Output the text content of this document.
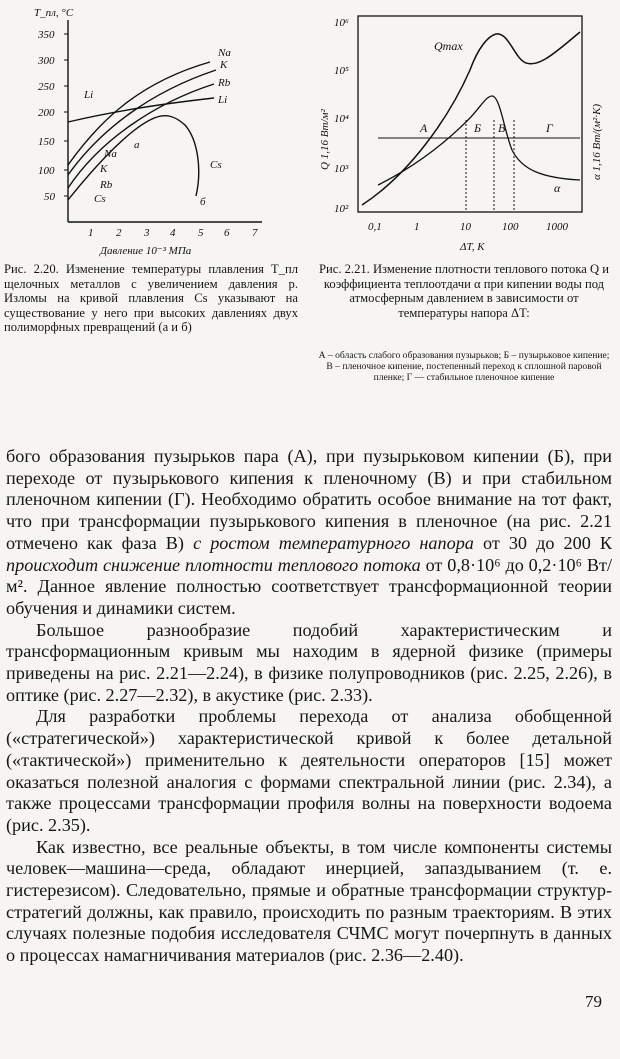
T_пл, °C
350
300
250
200
150
100
50
1 2 3 4 5 6 7
Давление 10⁻³ МПа
Na
K
Rb
Li
Li
Na
K
Rb
Cs
a
Cs
б

Рис. 2.20. Изменение температуры плавления T_пл щелочных металлов с увеличением давления p. Изломы на кривой плавления Cs указывают на существование у него при высоких давлениях двух полиморфных превращений (а и б)

10²
10³
10⁴
10⁵
10⁶
0,1	1	10	100	1000
ΔT, К
Q 1,16 Вт/м²	α 1,16 Вт/(м²·К)
А	Б В	Г
Qmax
α

Рис. 2.21. Изменение плотности теплового потока Q и коэффициента теплоотдачи α при кипении воды под атмосферным давлением в зависимости от температуры напора ΔT:

А – область слабого образования пузырьков; Б – пузырьковое кипение; В – пленочное кипение, постепенный переход к сплошной паровой пленке; Г — стабильное пленочное кипение

бого образования пузырьков пара (А), при пузырьковом кипении (Б), при переходе от пузырькового кипения к пленочному (В) и при стабильном пленочном кипении (Г). Необходимо обратить особое внимание на тот факт, что при трансформации пузырькового кипения в пленочное (на рис. 2.21 отмечено как фаза В) с ростом температурного напора от 30 до 200 К происходит снижение плотности теплового потока от 0,8·10⁶ до 0,2·10⁶ Вт/м². Данное явление полностью соответствует трансформационной теории обучения и динамики систем.

Большое разнообразие подобий характеристическим и трансформационным кривым мы находим в ядерной физике (примеры приведены на рис. 2.21—2.24), в физике полупроводников (рис. 2.25, 2.26), в оптике (рис. 2.27—2.32), в акустике (рис. 2.33).

Для разработки проблемы перехода от анализа обобщенной («стратегической») характеристической кривой к более детальной («тактической») применительно к деятельности операторов [15] может оказаться полезной аналогия с формами спектральной линии (рис. 2.34), а также процессами трансформации профиля волны на поверхности водоема (рис. 2.35).

Как известно, все реальные объекты, в том числе компоненты системы человек—машина—среда, обладают инерцией, запаздыванием (т. е. гистерезисом). Следовательно, прямые и обратные трансформации структур-стратегий должны, как правило, происходить по разным траекториям. В этих случаях полезные подобия исследователя СЧМС могут почерпнуть в данных о процессах намагничивания материалов (рис. 2.36—2.40).

79
